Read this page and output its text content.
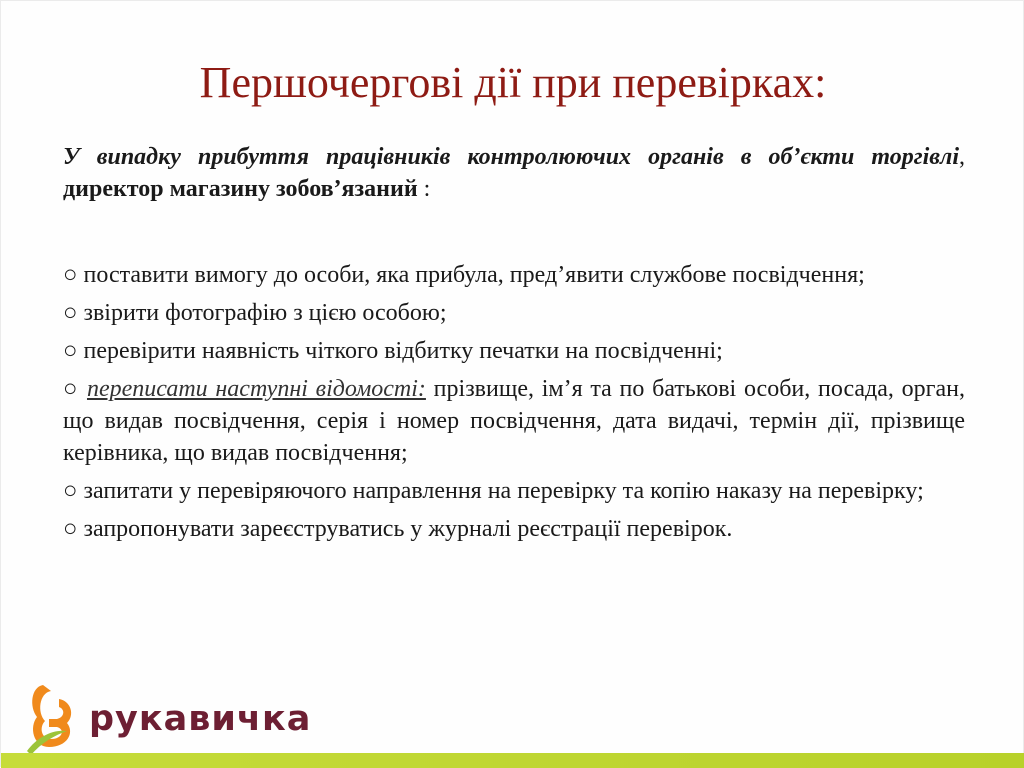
Першочергові дії при перевірках:

У випадку прибуття працівників контролюючих органів в об’єкти торгівлі, директор магазину зобов’язаний :

○ поставити вимогу до особи, яка прибула, пред’явити службове посвідчення;

○ звірити фотографію з цією особою;

○ перевірити наявність чіткого відбитку печатки на посвідченні;

○ переписати наступні відомості: прізвище, ім’я та по батькові особи, посада, орган, що видав посвідчення, серія і номер посвідчення, дата видачі, термін дії, прізвище керівника, що видав посвідчення;

○ запитати у перевіряючого направлення на перевірку та копію наказу на перевірку;

○ запропонувати зареєструватись у журналі реєстрації перевірок.

рукавичка
